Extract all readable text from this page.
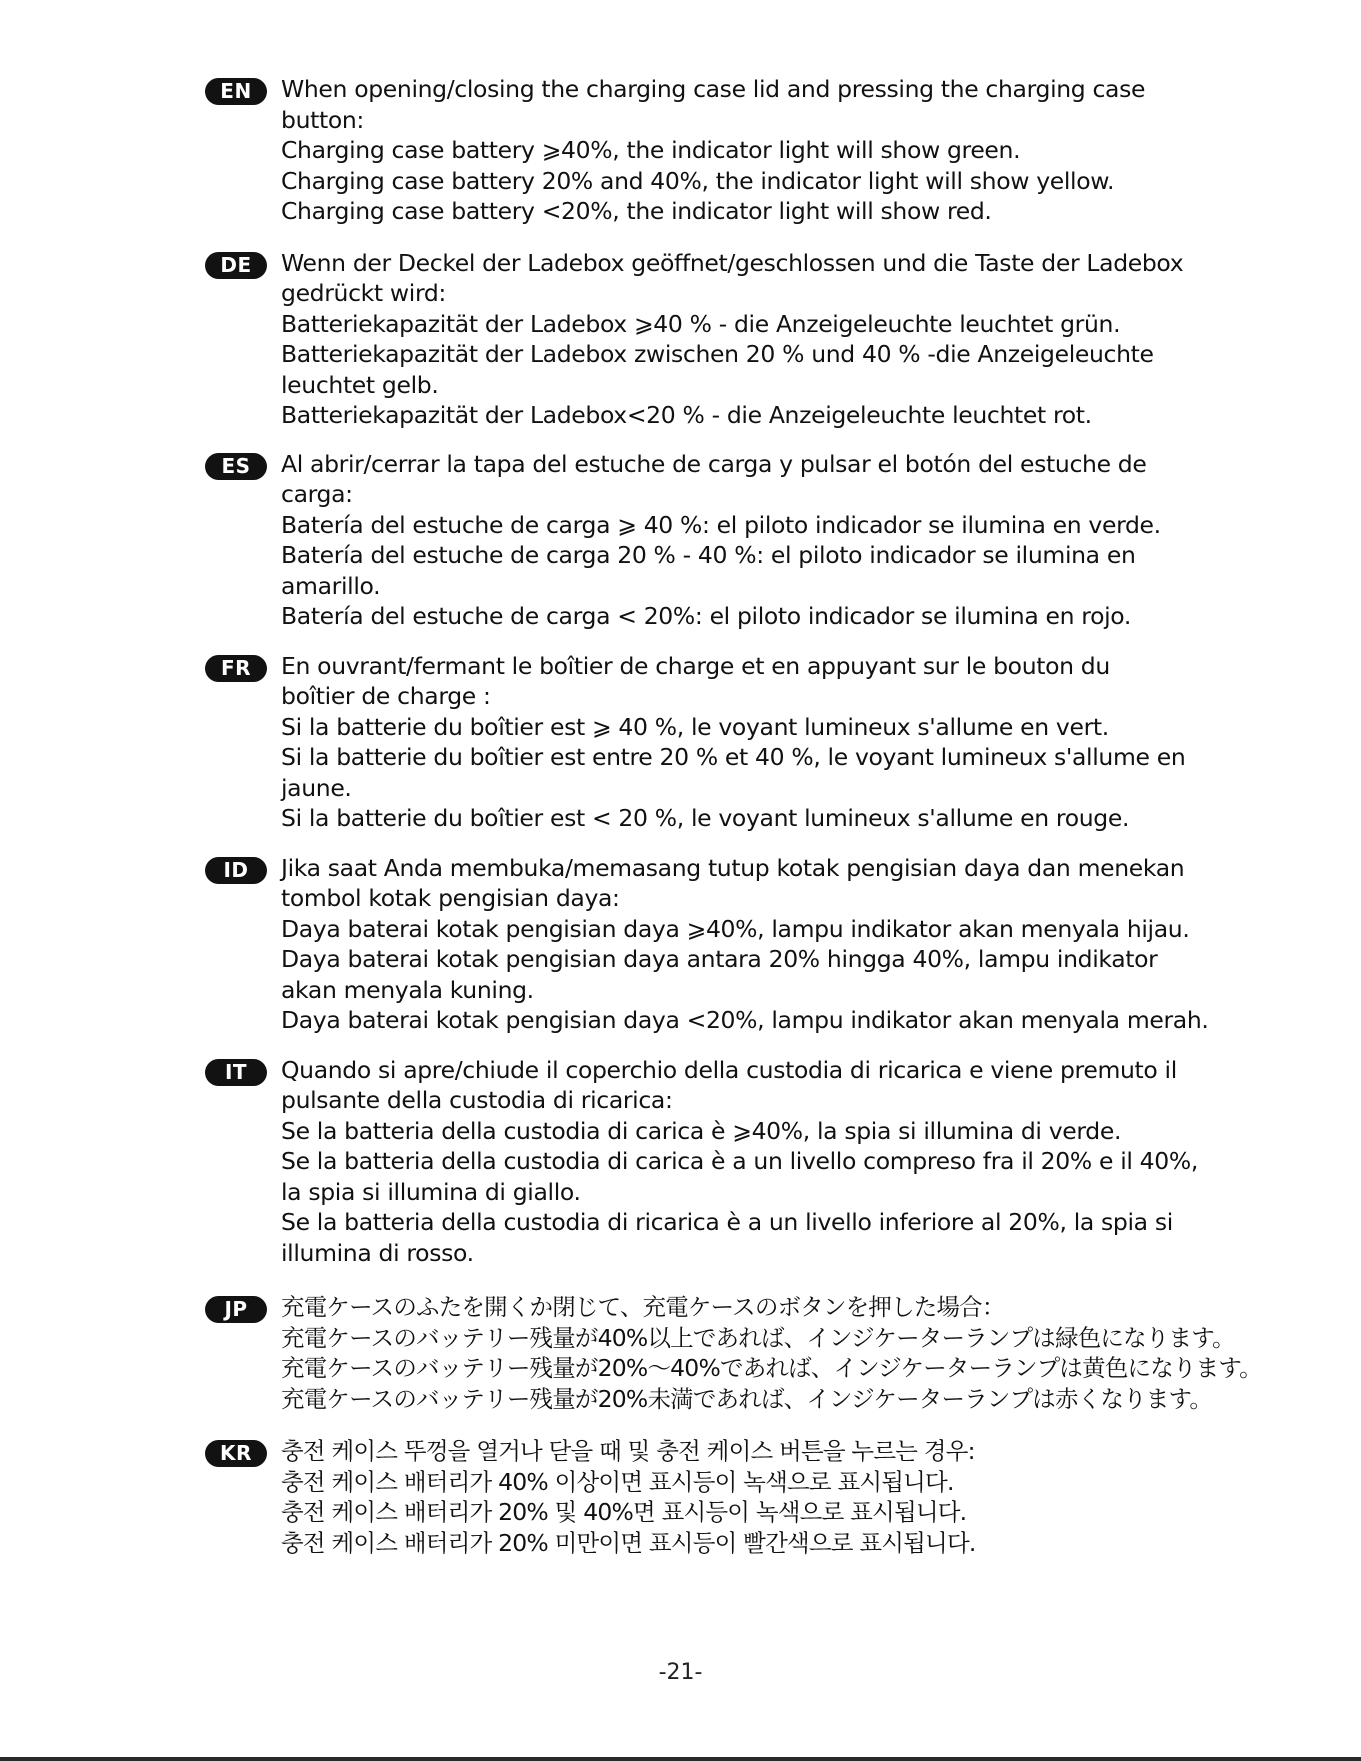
EN	When opening/closing the charging case lid and pressing the charging case
button:
Charging case battery ⩾40%, the indicator light will show green.
Charging case battery 20% and 40%, the indicator light will show yellow.
Charging case battery <20%, the indicator light will show red.
DE	Wenn der Deckel der Ladebox geöffnet/geschlossen und die Taste der Ladebox
gedrückt wird:
Batteriekapazität der Ladebox ⩾40 % - die Anzeigeleuchte leuchtet grün.
Batteriekapazität der Ladebox zwischen 20 % und 40 % -die Anzeigeleuchte
leuchtet gelb.
Batteriekapazität der Ladebox<20 % - die Anzeigeleuchte leuchtet rot.
ES	Al abrir/cerrar la tapa del estuche de carga y pulsar el botón del estuche de
carga:
Batería del estuche de carga ⩾ 40 %: el piloto indicador se ilumina en verde.
Batería del estuche de carga 20 % - 40 %: el piloto indicador se ilumina en
amarillo.
Batería del estuche de carga < 20%: el piloto indicador se ilumina en rojo.
FR	En ouvrant/fermant le boîtier de charge et en appuyant sur le bouton du
boîtier de charge :
Si la batterie du boîtier est ⩾ 40 %, le voyant lumineux s'allume en vert.
Si la batterie du boîtier est entre 20 % et 40 %, le voyant lumineux s'allume en
jaune.
Si la batterie du boîtier est < 20 %, le voyant lumineux s'allume en rouge.
ID	Jika saat Anda membuka/memasang tutup kotak pengisian daya dan menekan
tombol kotak pengisian daya:
Daya baterai kotak pengisian daya ⩾40%, lampu indikator akan menyala hijau.
Daya baterai kotak pengisian daya antara 20% hingga 40%, lampu indikator
akan menyala kuning.
Daya baterai kotak pengisian daya <20%, lampu indikator akan menyala merah.
IT	Quando si apre/chiude il coperchio della custodia di ricarica e viene premuto il
pulsante della custodia di ricarica:
Se la batteria della custodia di carica è ⩾40%, la spia si illumina di verde.
Se la batteria della custodia di carica è a un livello compreso fra il 20% e il 40%,
la spia si illumina di giallo.
Se la batteria della custodia di ricarica è a un livello inferiore al 20%, la spia si
illumina di rosso.
JP	充電ケースのふたを開くか閉じて、充電ケースのボタンを押した場合：
充電ケースのバッテリー残量が40%以上であれば、インジケーターランプは緑色になります。
充電ケースのバッテリー残量が20%～40%であれば、インジケーターランプは黄色になります。
充電ケースのバッテリー残量が20%未満であれば、インジケーターランプは赤くなります。
KR	충전 케이스 뚜껑을 열거나 닫을 때 및 충전 케이스 버튼을 누르는 경우:
충전 케이스 배터리가 40% 이상이면 표시등이 녹색으로 표시됩니다.
충전 케이스 배터리가 20% 및 40%면 표시등이 녹색으로 표시됩니다.
충전 케이스 배터리가 20% 미만이면 표시등이 빨간색으로 표시됩니다.
-21-
